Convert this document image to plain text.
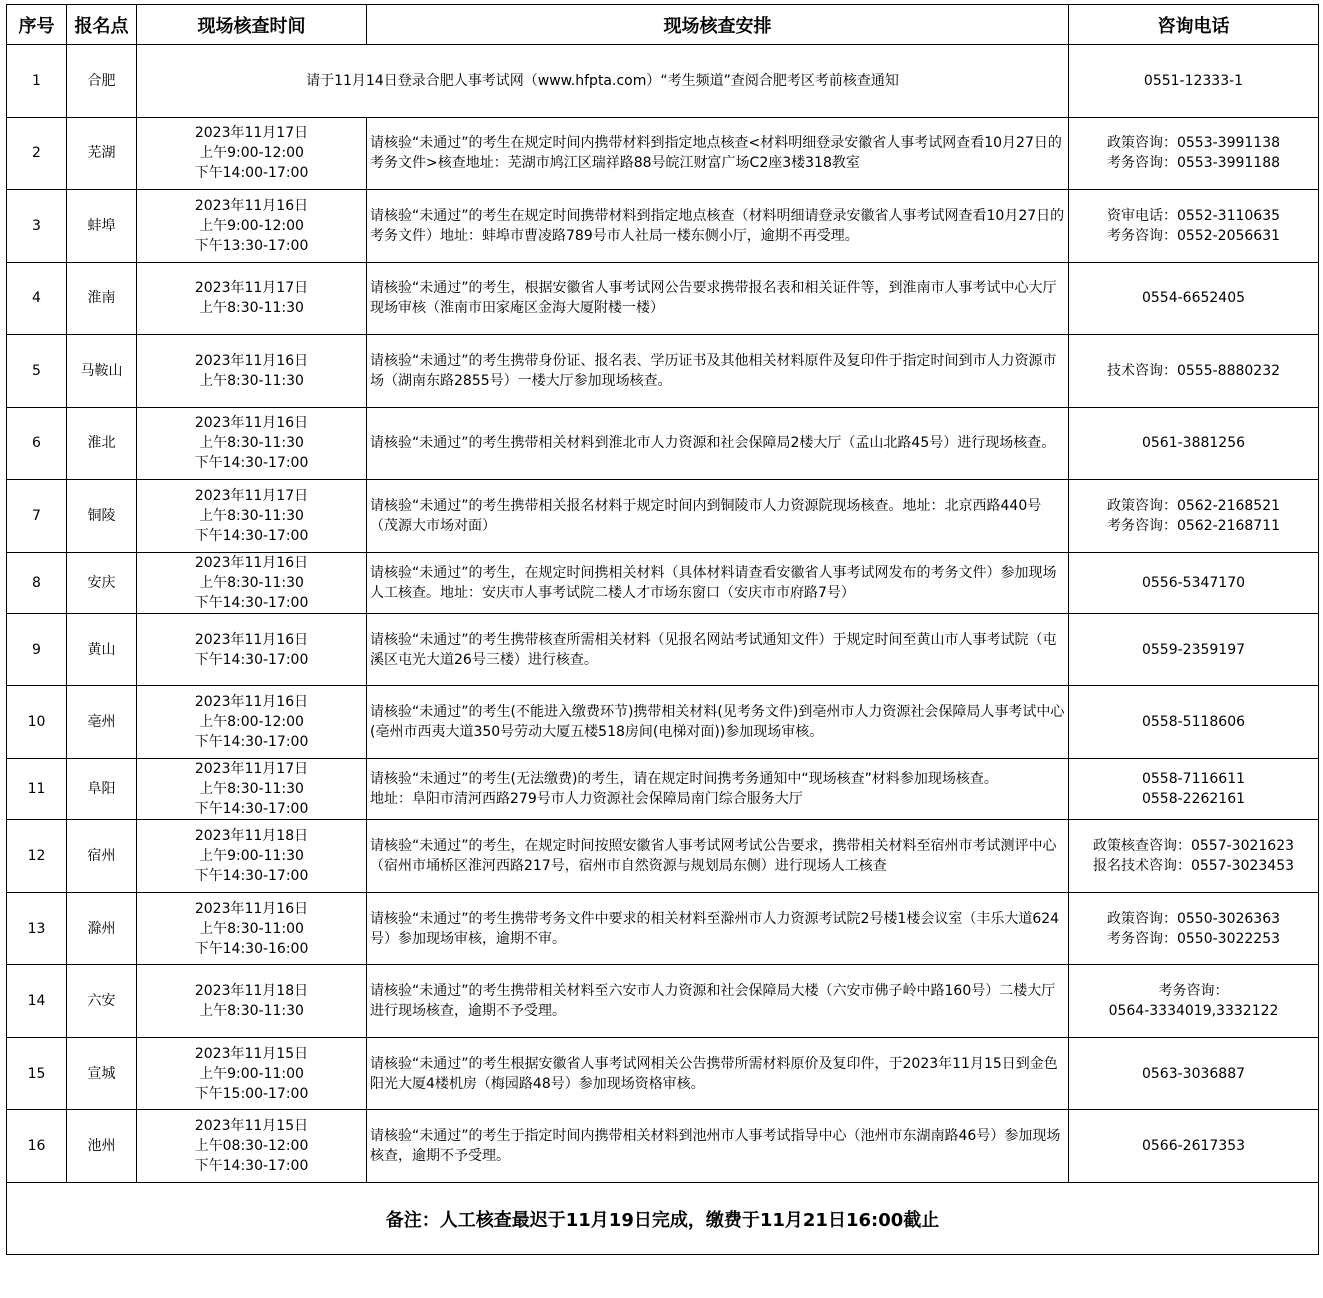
序号	报名点	现场核查时间	现场核查安排	咨询电话
1	合肥	请于11月14日登录合肥人事考试网（www.hfpta.com）“考生频道”查阅合肥考区考前核查通知		0551-12333-1

2	芜湖	2023年11月17日
上午9:00-12:00
下午14:00-17:00	请核验“未通过”的考生在规定时间内携带材料到指定地点核查<材料明细登录安徽省人事考试网查看10月27日的考务文件>核查地址：芜湖市鸠江区瑞祥路88号皖江财富广场C2座3楼318教室	政策咨询：0553-3991138
考务咨询：0553-3991188

3	蚌埠	2023年11月16日
上午9:00-12:00
下午13:30-17:00	请核验“未通过”的考生在规定时间携带材料到指定地点核查（材料明细请登录安徽省人事考试网查看10月27日的考务文件）地址：蚌埠市曹凌路789号市人社局一楼东侧小厅，逾期不再受理。	资审电话：0552-3110635
考务咨询：0552-2056631

4	淮南	2023年11月17日
上午8:30-11:30	请核验“未通过”的考生，根据安徽省人事考试网公告要求携带报名表和相关证件等，到淮南市人事考试中心大厅现场审核（淮南市田家庵区金海大厦附楼一楼）	0554-6652405

5	马鞍山	2023年11月16日
上午8:30-11:30	请核验“未通过”的考生携带身份证、报名表、学历证书及其他相关材料原件及复印件于指定时间到市人力资源市场（湖南东路2855号）一楼大厅参加现场核查。	技术咨询：0555-8880232

6	淮北	2023年11月16日
上午8:30-11:30
下午14:30-17:00	请核验“未通过”的考生携带相关材料到淮北市人力资源和社会保障局2楼大厅（孟山北路45号）进行现场核查。	0561-3881256

7	铜陵	2023年11月17日
上午8:30-11:30
下午14:30-17:00	请核验“未通过”的考生携带相关报名材料于规定时间内到铜陵市人力资源院现场核查。地址：北京西路440号（茂源大市场对面）	政策咨询：0562-2168521
考务咨询：0562-2168711

8	安庆	2023年11月16日
上午8:30-11:30
下午14:30-17:00	请核验“未通过”的考生，在规定时间携相关材料（具体材料请查看安徽省人事考试网发布的考务文件）参加现场人工核查。地址：安庆市人事考试院二楼人才市场东窗口（安庆市市府路7号）	0556-5347170

9	黄山	2023年11月16日
下午14:30-17:00	请核验“未通过”的考生携带核查所需相关材料（见报名网站考试通知文件）于规定时间至黄山市人事考试院（屯溪区屯光大道26号三楼）进行核查。	0559-2359197

10	亳州	2023年11月16日
上午8:00-12:00
下午14:30-17:00	请核验“未通过”的考生(不能进入缴费环节)携带相关材料(见考务文件)到亳州市人力资源社会保障局人事考试中心(亳州市西夷大道350号劳动大厦五楼518房间(电梯对面))参加现场审核。	0558-5118606

11	阜阳	2023年11月17日
上午8:30-11:30
下午14:30-17:00	请核验“未通过”的考生(无法缴费)的考生，请在规定时间携考务通知中“现场核查”材料参加现场核查。
地址：阜阳市清河西路279号市人力资源社会保障局南门综合服务大厅	0558-7116611
0558-2262161

12	宿州	2023年11月18日
上午9:00-11:30
下午14:30-17:00	请核验“未通过”的考生，在规定时间按照安徽省人事考试网考试公告要求，携带相关材料至宿州市考试测评中心（宿州市埇桥区淮河西路217号，宿州市自然资源与规划局东侧）进行现场人工核查	政策核查咨询：0557-3021623
报名技术咨询：0557-3023453

13	滁州	2023年11月16日
上午8:30-11:00
下午14:30-16:00	请核验“未通过”的考生携带考务文件中要求的相关材料至滁州市人力资源考试院2号楼1楼会议室（丰乐大道624号）参加现场审核，逾期不审。	政策咨询：0550-3026363
考务咨询：0550-3022253

14	六安	2023年11月18日
上午8:30-11:30	请核验“未通过”的考生携带相关材料至六安市人力资源和社会保障局大楼（六安市佛子岭中路160号）二楼大厅进行现场核查，逾期不予受理。	考务咨询：
0564-3334019,3332122

15	宣城	2023年11月15日
上午9:00-11:00
下午15:00-17:00	请核验“未通过”的考生根据安徽省人事考试网相关公告携带所需材料原价及复印件，于2023年11月15日到金色阳光大厦4楼机房（梅园路48号）参加现场资格审核。	0563-3036887

16	池州	2023年11月15日
上午08:30-12:00
下午14:30-17:00	请核验“未通过”的考生于指定时间内携带相关材料到池州市人事考试指导中心（池州市东湖南路46号）参加现场核查，逾期不予受理。	0566-2617353

备注：人工核查最迟于11月19日完成，缴费于11月21日16:00截止				
